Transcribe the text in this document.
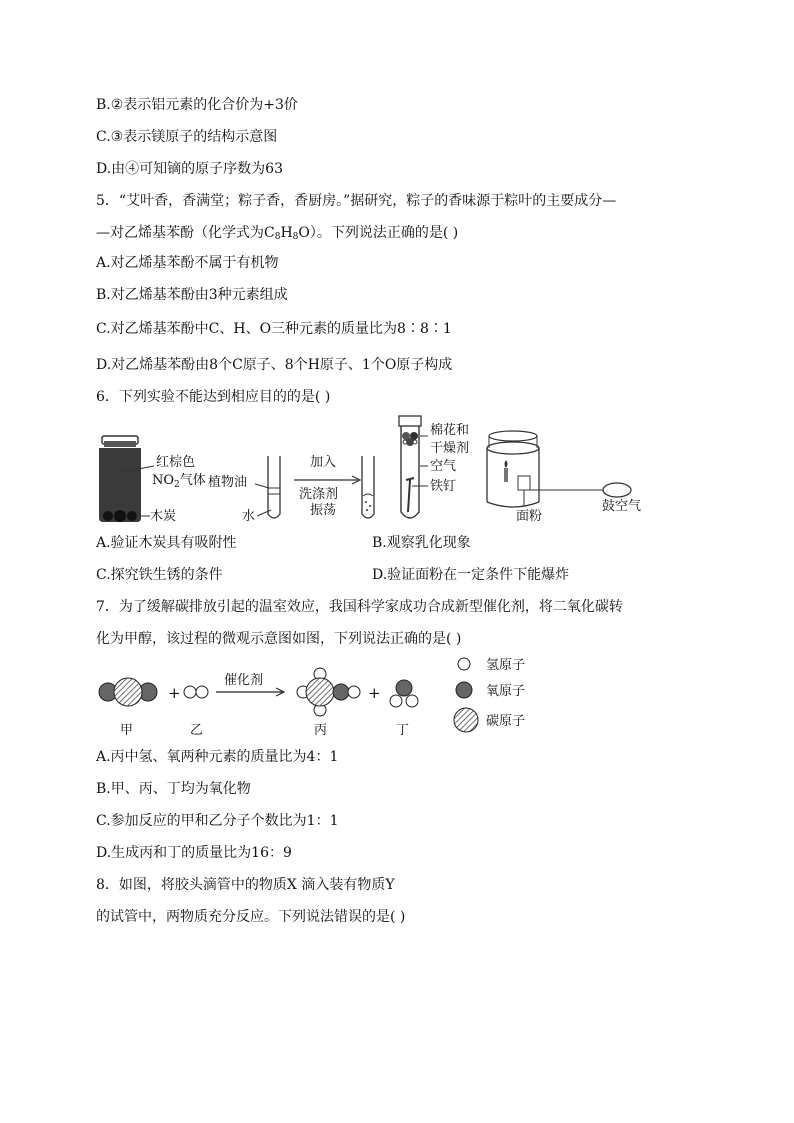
B.②表示铝元素的化合价为+3价
C.③表示镁原子的结构示意图
D.由④可知镝的原子序数为63
5．“艾叶香，香满堂；粽子香，香厨房。”据研究，粽子的香味源于粽叶的主要成分—
—对乙烯基苯酚（化学式为$C_8H_8O$）。下列说法正确的是( )
A.对乙烯基苯酚不属于有机物
B.对乙烯基苯酚由3种元素组成
C.对乙烯基苯酚中C、H、O三种元素的质量比为8∶8∶1
D.对乙烯基苯酚由8个C原子、8个H原子、1个O原子构成
6．下列实验不能达到相应目的的是( )
红棕色
$NO_2$气体
木炭
植物油
水
加入
洗涤剂
振荡
棉花和
干燥剂
空气
铁钉
面粉
鼓空气
A.验证木炭具有吸附性	B.观察乳化现象
C.探究铁生锈的条件	D.验证面粉在一定条件下能爆炸
7．为了缓解碳排放引起的温室效应，我国科学家成功合成新型催化剂，将二氧化碳转
化为甲醇，该过程的微观示意图如图，下列说法正确的是( )
+
催化剂
+
甲	乙	丙	丁
氢原子
氧原子
碳原子
A.丙中氢、氧两种元素的质量比为4：1
B.甲、丙、丁均为氧化物
C.参加反应的甲和乙分子个数比为1：1
D.生成丙和丁的质量比为16：9
8．如图，将胶头滴管中的物质X 滴入装有物质Y
的试管中，两物质充分反应。下列说法错误的是( )
